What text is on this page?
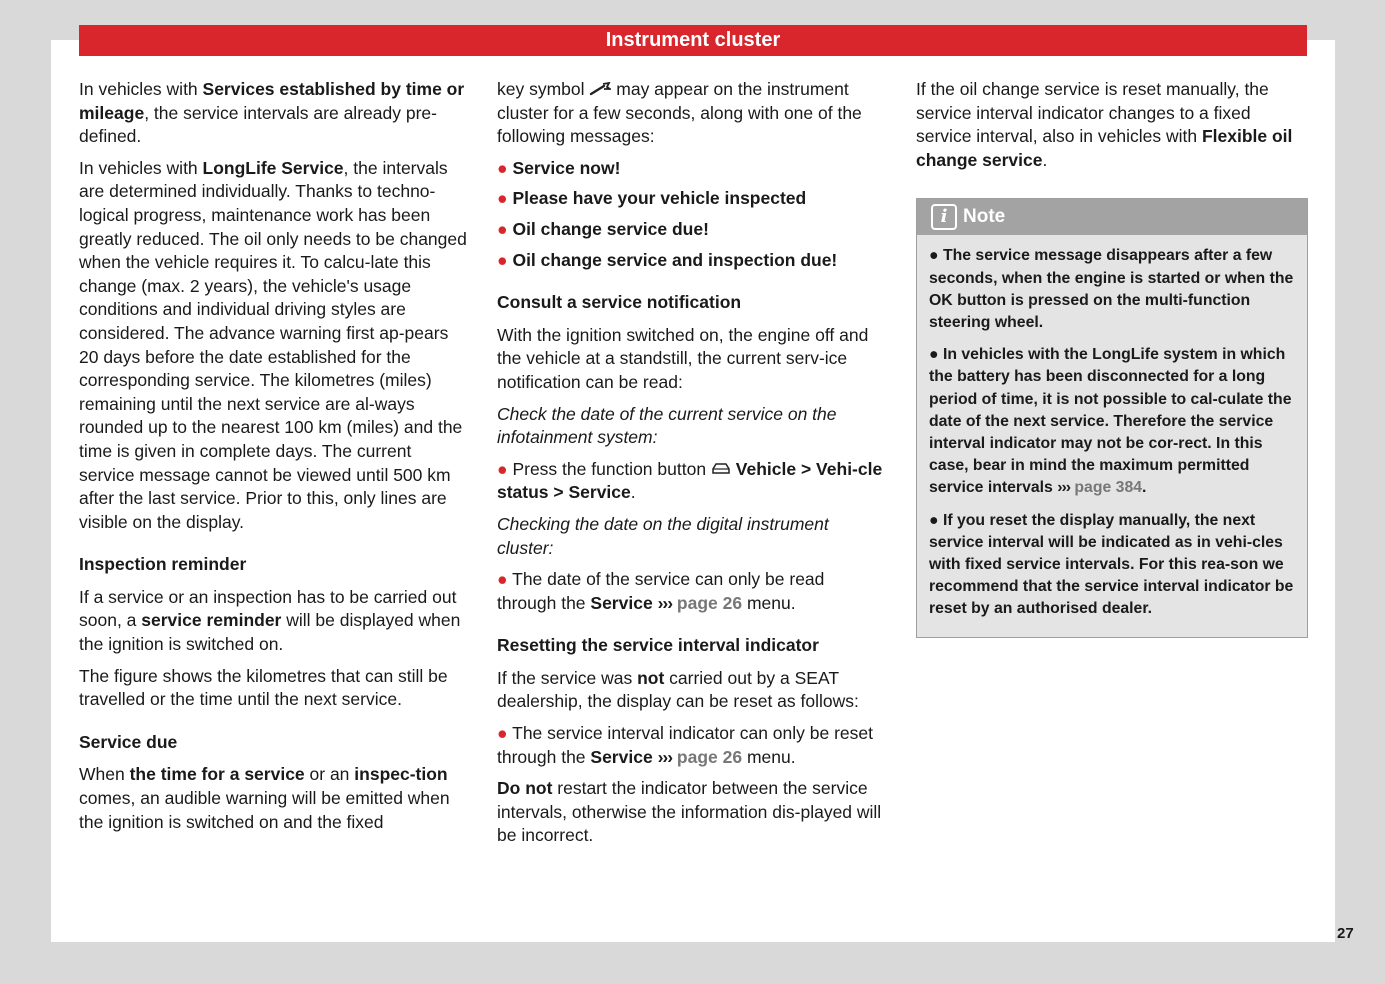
Instrument cluster

In vehicles with Services established by time or mileage, the service intervals are already pre-defined.

In vehicles with LongLife Service, the intervals are determined individually. Thanks to techno-logical progress, maintenance work has been greatly reduced. The oil only needs to be changed when the vehicle requires it. To calcu-late this change (max. 2 years), the vehicle's usage conditions and individual driving styles are considered. The advance warning first ap-pears 20 days before the date established for the corresponding service. The kilometres (miles) remaining until the next service are al-ways rounded up to the nearest 100 km (miles) and the time is given in complete days. The current service message cannot be viewed until 500 km after the last service. Prior to this, only lines are visible on the display.

Inspection reminder

If a service or an inspection has to be carried out soon, a service reminder will be displayed when the ignition is switched on.

The figure shows the kilometres that can still be travelled or the time until the next service.

Service due

When the time for a service or an inspec-tion comes, an audible warning will be emitted when the ignition is switched on and the fixed

key symbol  may appear on the instrument cluster for a few seconds, along with one of the following messages:

● Service now!

● Please have your vehicle inspected

● Oil change service due!

● Oil change service and inspection due!

Consult a service notification

With the ignition switched on, the engine off and the vehicle at a standstill, the current serv-ice notification can be read:

Check the date of the current service on the infotainment system:

● Press the function button  Vehicle > Vehi-cle status > Service.

Checking the date on the digital instrument cluster:

● The date of the service can only be read through the Service ››› page 26 menu.

Resetting the service interval indicator

If the service was not carried out by a SEAT dealership, the display can be reset as follows:

● The service interval indicator can only be reset through the Service ››› page 26 menu.

Do not restart the indicator between the service intervals, otherwise the information dis-played will be incorrect.

If the oil change service is reset manually, the service interval indicator changes to a fixed service interval, also in vehicles with Flexible oil change service.

i Note

● The service message disappears after a few seconds, when the engine is started or when the OK button is pressed on the multi-function steering wheel.

● In vehicles with the LongLife system in which the battery has been disconnected for a long period of time, it is not possible to cal-culate the date of the next service. Therefore the service interval indicator may not be cor-rect. In this case, bear in mind the maximum permitted service intervals ››› page 384.

● If you reset the display manually, the next service interval will be indicated as in vehi-cles with fixed service intervals. For this rea-son we recommend that the service interval indicator be reset by an authorised dealer.

27
